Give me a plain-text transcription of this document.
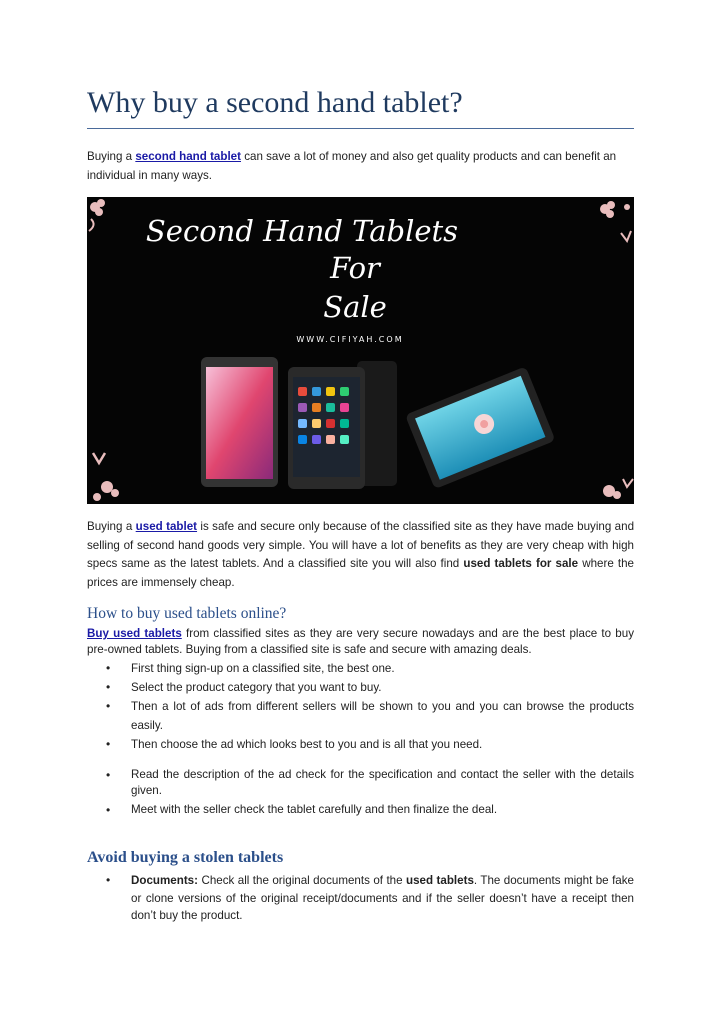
Why buy a second hand tablet?

Buying a second hand tablet can save a lot of money and also get quality products and can benefit an individual in many ways.

Second Hand Tablets
For
Sale
WWW.CIFIYAH.COM

Buying a used tablet is safe and secure only because of the classified site as they have made buying and selling of second hand goods very simple. You will have a lot of benefits as they are very cheap with high specs same as the latest tablets. And a classified site you will also find used tablets for sale where the prices are immensely cheap.

How to buy used tablets online?

Buy used tablets from classified sites as they are very secure nowadays and are the best place to buy pre-owned tablets. Buying from a classified site is safe and secure with amazing deals.

• First thing sign-up on a classified site, the best one.
• Select the product category that you want to buy.
• Then a lot of ads from different sellers will be shown to you and you can browse the products easily.
• Then choose the ad which looks best to you and is all that you need.
• Read the description of the ad check for the specification and contact the seller with the details given.
• Meet with the seller check the tablet carefully and then finalize the deal.
Avoid buying a stolen tablets
• Documents: Check all the original documents of the used tablets. The documents might be fake or clone versions of the original receipt/documents and if the seller doesn’t have a receipt then don’t buy the product.
